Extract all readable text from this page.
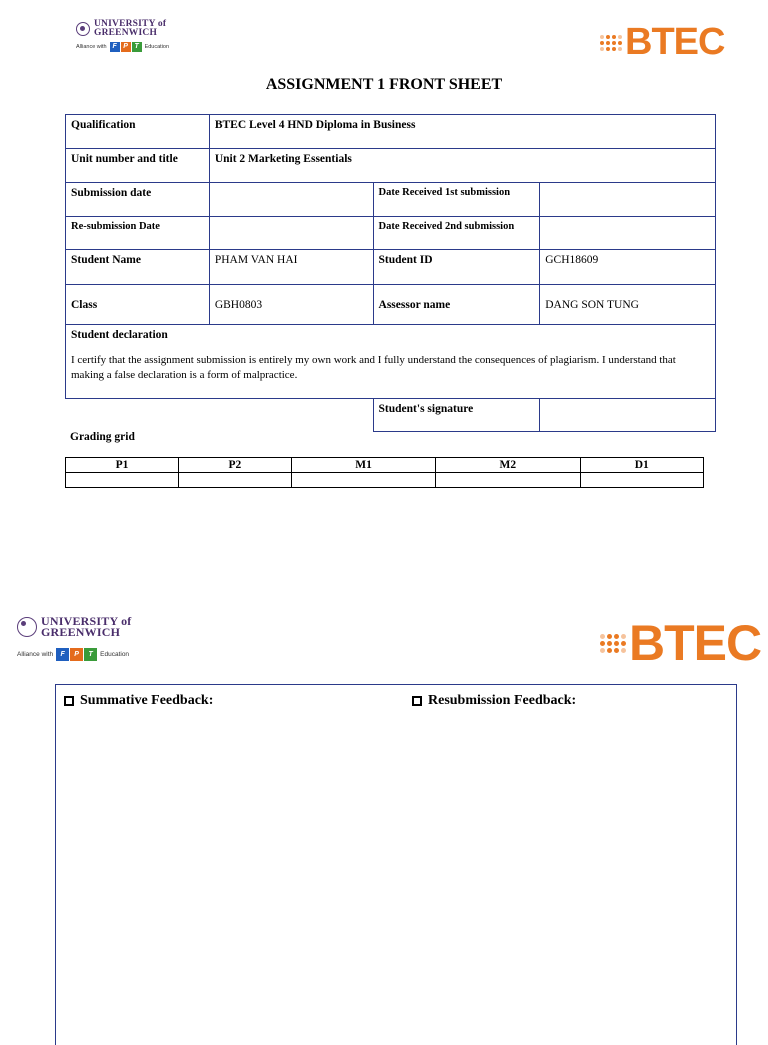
UNIVERSITY of
GREENWICH
Alliance with F P T	Education	BTEC
ASSIGNMENT 1 FRONT SHEET
Qualification	BTEC Level 4 HND Diploma in Business		
Unit number and title	Unit 2 Marketing Essentials		
Submission date		Date Received 1st submission	
Re-submission Date		Date Received 2nd submission	
Student Name	PHAM VAN HAI	Student ID	GCH18609
Class	GBH0803	Assessor name	DANG SON TUNG

Student declaration

I certify that the assignment submission is entirely my own work and I fully understand the consequences of plagiarism. I understand that making a false declaration is a form of malpractice.			

		Student's signature	
Grading grid
P1	P2	M1	M2	D1

UNIVERSITY of
GREENWICH
Alliance with	F	P	T	Education	BTEC
Summative Feedback:	Resubmission Feedback:
